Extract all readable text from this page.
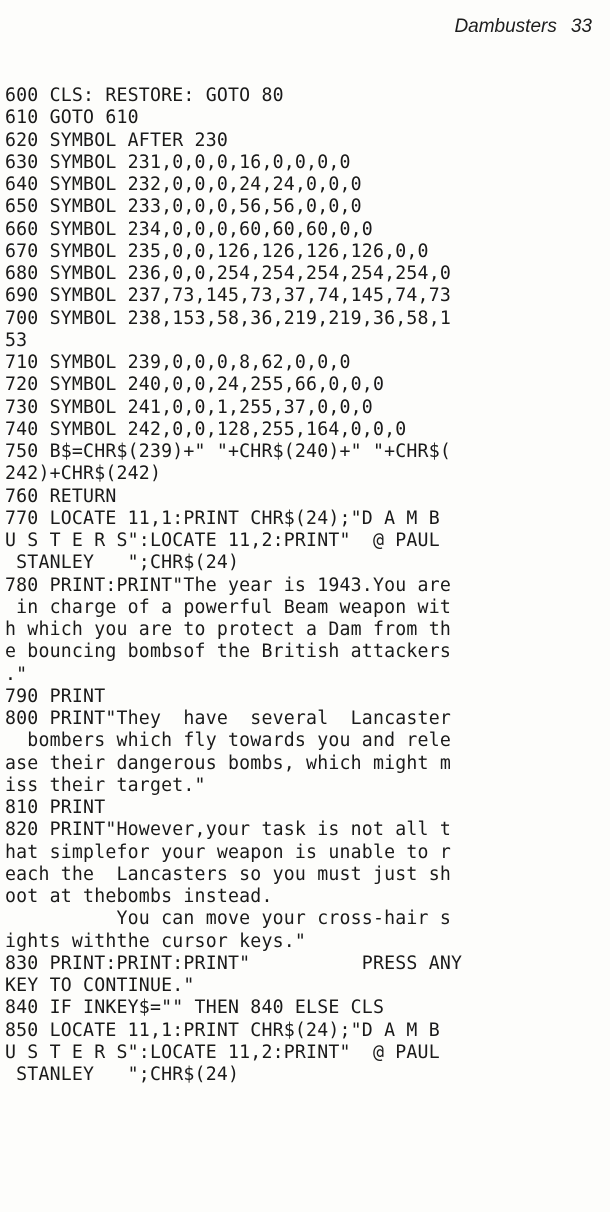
Dambusters 33
600 CLS: RESTORE: GOTO 80
610 GOTO 610
620 SYMBOL AFTER 230
630 SYMBOL 231,0,0,0,16,0,0,0,0
640 SYMBOL 232,0,0,0,24,24,0,0,0
650 SYMBOL 233,0,0,0,56,56,0,0,0
660 SYMBOL 234,0,0,0,60,60,60,0,0
670 SYMBOL 235,0,0,126,126,126,126,0,0
680 SYMBOL 236,0,0,254,254,254,254,254,0
690 SYMBOL 237,73,145,73,37,74,145,74,73
700 SYMBOL 238,153,58,36,219,219,36,58,1
53
710 SYMBOL 239,0,0,0,8,62,0,0,0
720 SYMBOL 240,0,0,24,255,66,0,0,0
730 SYMBOL 241,0,0,1,255,37,0,0,0
740 SYMBOL 242,0,0,128,255,164,0,0,0
750 B$=CHR$(239)+" "+CHR$(240)+" "+CHR$(
242)+CHR$(242)
760 RETURN
770 LOCATE 11,1:PRINT CHR$(24);"D A M B
U S T E R S":LOCATE 11,2:PRINT"  @ PAUL
STANLEY   ";CHR$(24)
780 PRINT:PRINT"The year is 1943.You are
in charge of a powerful Beam weapon wit
h which you are to protect a Dam from th
e bouncing bombsof the British attackers
."
790 PRINT
800 PRINT"They  have  several  Lancaster
bombers which fly towards you and rele
ase their dangerous bombs, which might m
iss their target."
810 PRINT
820 PRINT"However,your task is not all t
hat simplefor your weapon is unable to r
each the  Lancasters so you must just sh
oot at thebombs instead.
You can move your cross-hair s
ights withthe cursor keys."
830 PRINT:PRINT:PRINT"          PRESS ANY
KEY TO CONTINUE."
840 IF INKEY$="" THEN 840 ELSE CLS
850 LOCATE 11,1:PRINT CHR$(24);"D A M B
U S T E R S":LOCATE 11,2:PRINT"  @ PAUL
STANLEY   ";CHR$(24)
